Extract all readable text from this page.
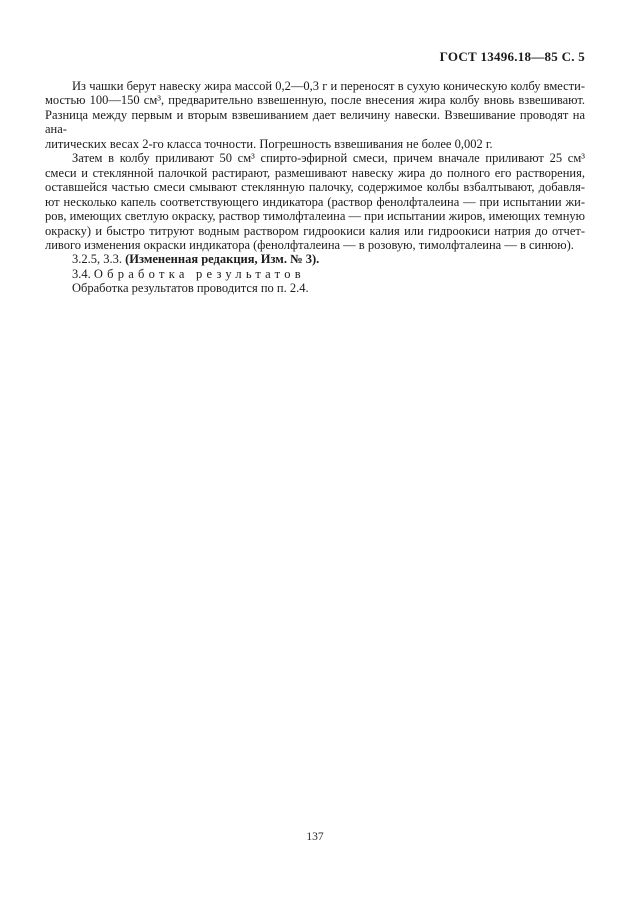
ГОСТ 13496.18—85 С. 5
Из чашки берут навеску жира массой 0,2—0,3 г и переносят в сухую коническую колбу вмести-
мостью 100—150 см³, предварительно взвешенную, после внесения жира колбу вновь взвешивают.
Разница между первым и вторым взвешиванием дает величину навески. Взвешивание проводят на ана-
литических весах 2-го класса точности. Погрешность взвешивания не более 0,002 г.
Затем в колбу приливают 50 см³ спирто-эфирной смеси, причем вначале приливают 25 см³
смеси и стеклянной палочкой растирают, размешивают навеску жира до полного его растворения,
оставшейся частью смеси смывают стеклянную палочку, содержимое колбы взбалтывают, добавля-
ют несколько капель соответствующего индикатора (раствор фенолфталеина — при испытании жи-
ров, имеющих светлую окраску, раствор тимолфталеина — при испытании жиров, имеющих темную
окраску) и быстро титруют водным раствором гидроокиси калия или гидроокиси натрия до отчет-
ливого изменения окраски индикатора (фенолфталеина — в розовую, тимолфталеина — в синюю).
3.2.5, 3.3. (Измененная редакция, Изм. № 3).
3.4. Обработка результатов
Обработка результатов проводится по п. 2.4.
137
